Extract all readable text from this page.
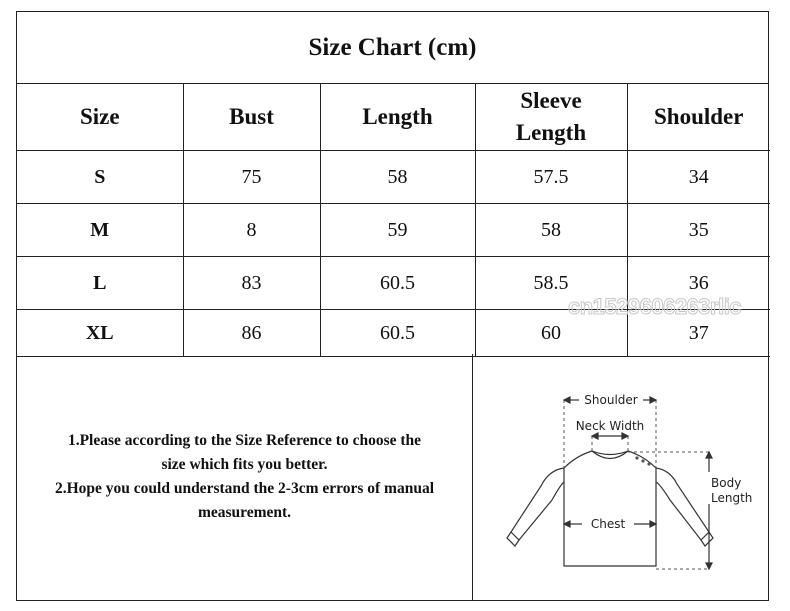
Size Chart (cm)
Size	Bust	Length	Sleeve Length	Shoulder
S	75	58	57.5	34
M	8	59	58	35
L	83	60.5	58.5	36
XL	86	60.5	60	37
1.Please according to the Size Reference to choose the
size which fits you better.
2.Hope you could understand the 2-3cm errors of manual
measurement.
Shoulder
Neck Width
Chest
Body
Length
cn1529606263rlic
